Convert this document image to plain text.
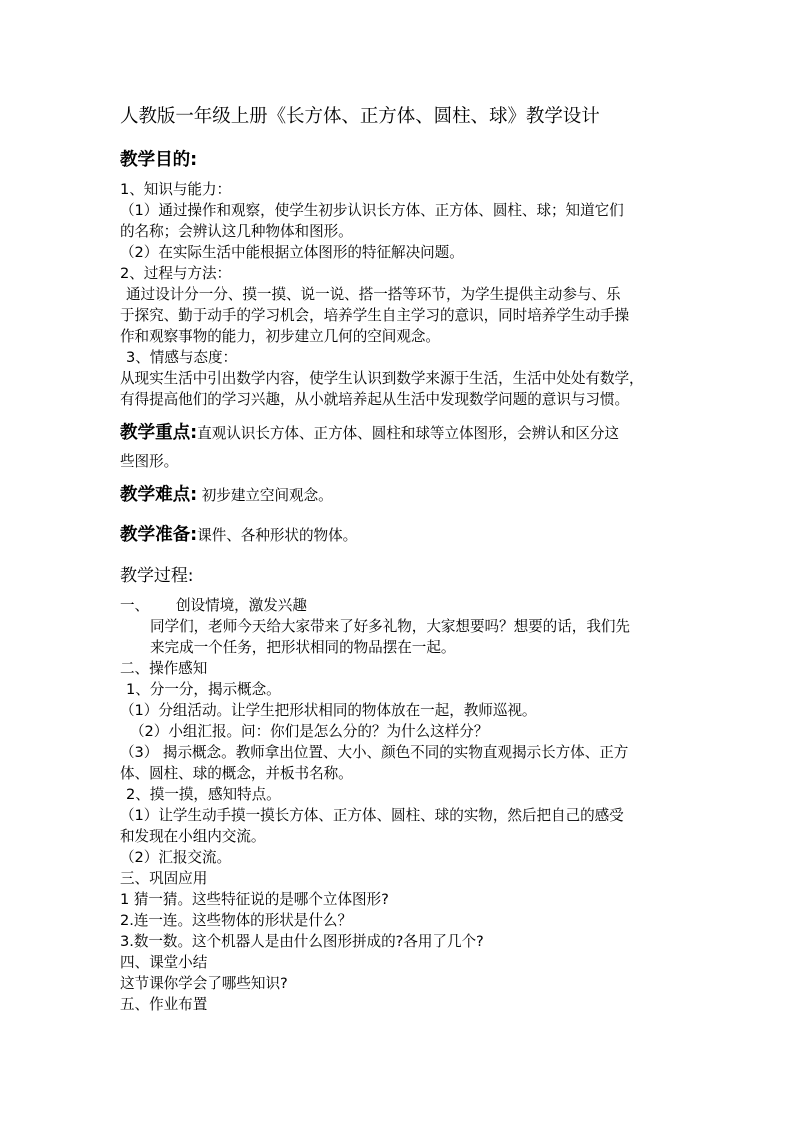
人教版一年级上册《长方体、正方体、圆柱、球》教学设计
教学目的:
1、知识与能力：
（1）通过操作和观察，使学生初步认识长方体、正方体、圆柱、球；知道它们
的名称；会辨认这几种物体和图形。
（2）在实际生活中能根据立体图形的特征解决问题。
2、过程与方法：
通过设计分一分、摸一摸、说一说、搭一搭等环节，为学生提供主动参与、乐
于探究、勤于动手的学习机会，培养学生自主学习的意识，同时培养学生动手操
作和观察事物的能力，初步建立几何的空间观念。
3、情感与态度：
从现实生活中引出数学内容，使学生认识到数学来源于生活，生活中处处有数学，
有得提高他们的学习兴趣，从小就培养起从生活中发现数学问题的意识与习惯。
教学重点:直观认识长方体、正方体、圆柱和球等立体图形，会辨认和区分这
些图形。
教学难点: 初步建立空间观念。
教学准备:课件、各种形状的物体。
教学过程:
一、 创设情境，激发兴趣
同学们，老师今天给大家带来了好多礼物，大家想要吗？想要的话，我们先
来完成一个任务，把形状相同的物品摆在一起。
二、操作感知
1、分一分，揭示概念。
（1）分组活动。让学生把形状相同的物体放在一起，教师巡视。
（2）小组汇报。问：你们是怎么分的？为什么这样分？
（3） 揭示概念。教师拿出位置、大小、颜色不同的实物直观揭示长方体、正方
体、圆柱、球的概念，并板书名称。
2、摸一摸，感知特点。
（1）让学生动手摸一摸长方体、正方体、圆柱、球的实物，然后把自己的感受
和发现在小组内交流。
（2）汇报交流。
三、巩固应用
1 猜一猜。这些特征说的是哪个立体图形?
2.连一连。这些物体的形状是什么？
3.数一数。这个机器人是由什么图形拼成的?各用了几个?
四、课堂小结
这节课你学会了哪些知识?
五、作业布置
